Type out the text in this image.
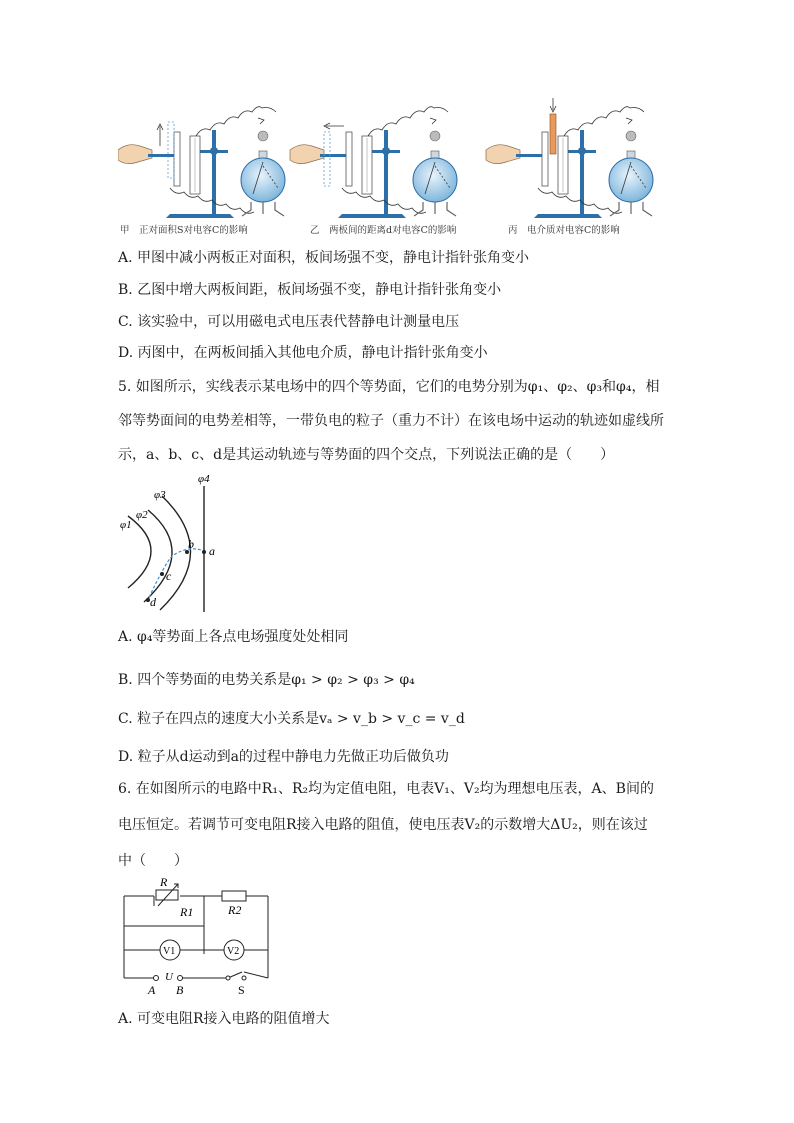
甲　正对面积S对电容C的影响	乙　两板间的距离d对电容C的影响	丙　电介质对电容C的影响
A. 甲图中减小两板正对面积，板间场强不变，静电计指针张角变小
B. 乙图中增大两板间距，板间场强不变，静电计指针张角变小
C. 该实验中，可以用磁电式电压表代替静电计测量电压
D. 丙图中，在两板间插入其他电介质，静电计指针张角变小
5. 如图所示，实线表示某电场中的四个等势面，它们的电势分别为φ₁、φ₂、φ₃和φ₄，相
邻等势面间的电势差相等，一带负电的粒子（重力不计）在该电场中运动的轨迹如虚线所
示，a、b、c、d是其运动轨迹与等势面的四个交点，下列说法正确的是（　　）
φ1
φ2
φ3
φ4
a
b
c
d
A. φ₄等势面上各点电场强度处处相同
B. 四个等势面的电势关系是φ₁ > φ₂ > φ₃ > φ₄
C. 粒子在四点的速度大小关系是vₐ > v_b > v_c = v_d
D. 粒子从d运动到a的过程中静电力先做正功后做负功
6. 在如图所示的电路中R₁、R₂均为定值电阻，电表V₁、V₂均为理想电压表，A、B间的
电压恒定。若调节可变电阻R接入电路的阻值，使电压表V₂的示数增大ΔU₂，则在该过
中（　　）
R
R1	R2
V1	V2
U
A B	S
A. 可变电阻R接入电路的阻值增大
